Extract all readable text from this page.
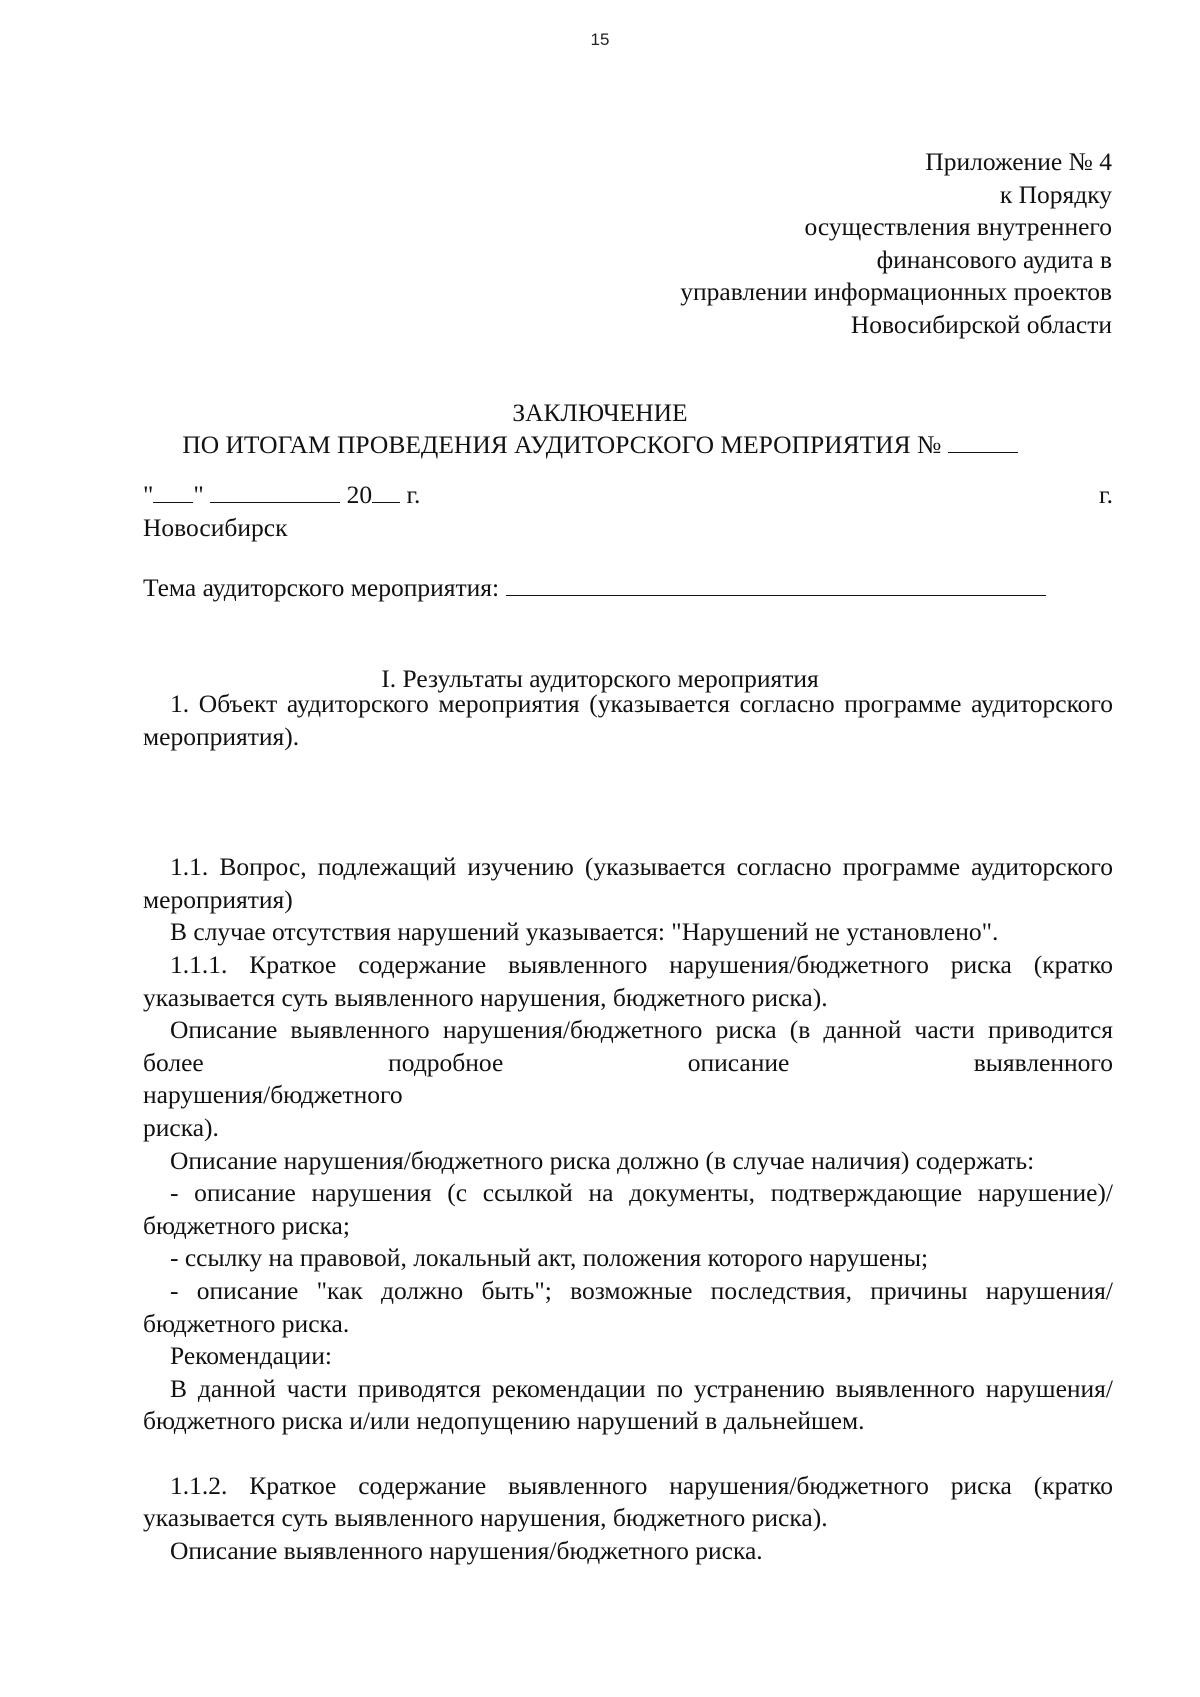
15
Приложение № 4
к Порядку
осуществления внутреннего
финансового аудита в
управлении информационных проектов
Новосибирской области
ЗАКЛЮЧЕНИЕ
ПО ИТОГАМ ПРОВЕДЕНИЯ АУДИТОРСКОГО МЕРОПРИЯТИЯ №
" "	20 г.	г.
Новосибирск
Тема аудиторского мероприятия:
I. Результаты аудиторского мероприятия
1. Объект аудиторского мероприятия (указывается согласно программе аудиторского мероприятия).
1.1. Вопрос, подлежащий изучению (указывается согласно программе аудиторского мероприятия)
В случае отсутствия нарушений указывается: "Нарушений не установлено".
1.1.1. Краткое содержание выявленного нарушения/бюджетного риска (кратко указывается суть выявленного нарушения, бюджетного риска).
Описание выявленного нарушения/бюджетного риска (в данной части приводится более подробное описание выявленного
нарушения/бюджетного
риска).
Описание нарушения/бюджетного риска должно (в случае наличия) содержать:
- описание нарушения (с ссылкой на документы, подтверждающие нарушение)/бюджетного риска;
- ссылку на правовой, локальный акт, положения которого нарушены;
- описание "как должно быть"; возможные последствия, причины нарушения/бюджетного риска.
Рекомендации:
В данной части приводятся рекомендации по устранению выявленного нарушения/бюджетного риска и/или недопущению нарушений в дальнейшем.
1.1.2. Краткое содержание выявленного нарушения/бюджетного риска (кратко указывается суть выявленного нарушения, бюджетного риска).
Описание выявленного нарушения/бюджетного риска.
